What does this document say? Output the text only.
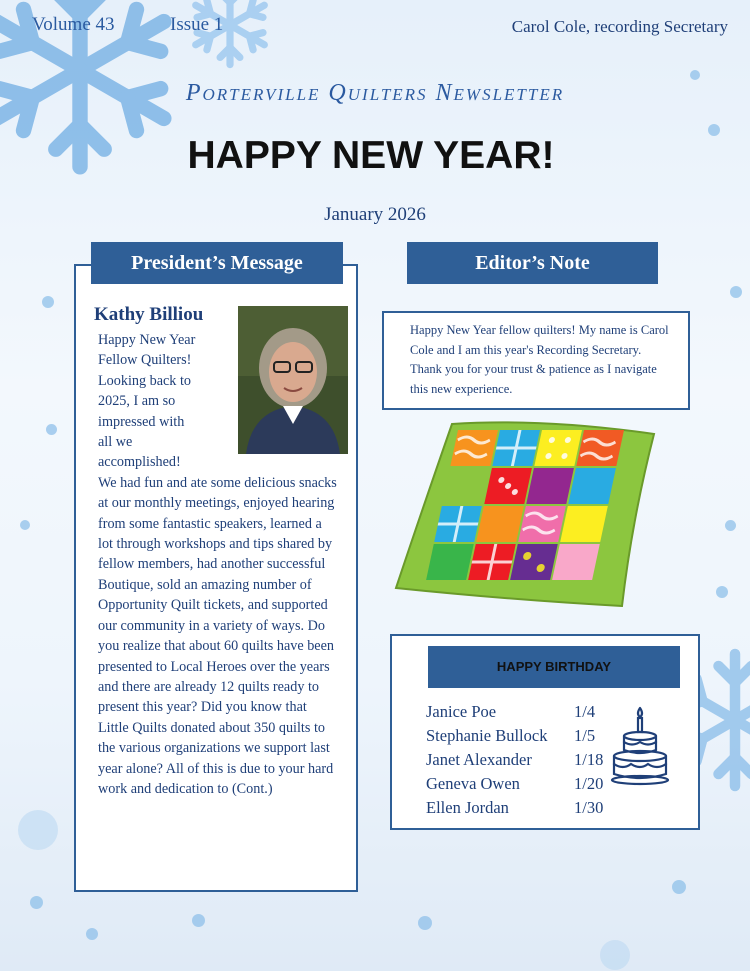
Volume 43	Issue 1	Carol Cole, recording Secretary
Porterville Quilters Newsletter
HAPPY NEW YEAR!
January 2026
Kathy Billiou
Happy New Year Fellow Quilters! Looking back to 2025, I am so impressed with all we accomplished! We had fun and ate some delicious snacks at our monthly meetings, enjoyed hearing from some fantastic speakers, learned a lot through workshops and tips shared by fellow members, had another successful Boutique, sold an amazing number of Opportunity Quilt tickets, and supported our community in a variety of ways. Do you realize that about 60 quilts have been presented to Local Heroes over the years and there are already 12 quilts ready to present this year? Did you know that Little Quilts donated about 350 quilts to the various organizations we support last year alone? All of this is due to your hard work and dedication to (Cont.)
President’s Message	Editor’s Note
Happy New Year fellow quilters! My name is Carol Cole and I am this year's Recording Secretary. Thank you for your trust & patience as I navigate this new experience.
HAPPY BIRTHDAY
Janice Poe	1/4
Stephanie Bullock	1/5
Janet Alexander	1/18
Geneva Owen	1/20
Ellen Jordan	1/30
